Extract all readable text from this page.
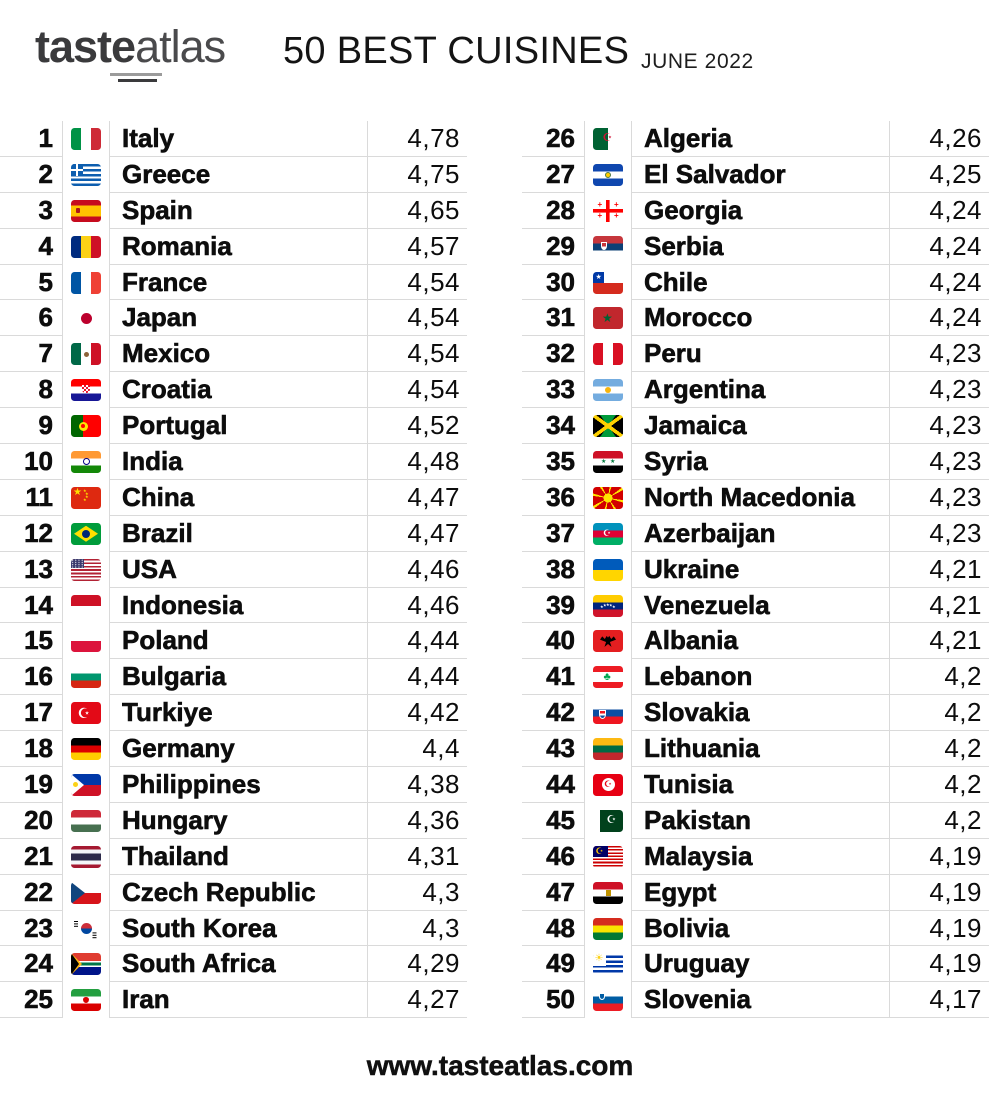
tasteatlas 50 BEST CUISINES JUNE 2022
1	Italy	4,78
2	Greece	4,75
3	Spain	4,65
4	Romania	4,57
5	France	4,54
6	Japan	4,54
7	Mexico	4,54
8	Croatia	4,54
9	Portugal	4,52
10	India	4,48
11 ★ ★	China	4,47
12	Brazil	4,47
13	USA	4,46
14	Indonesia	4,46
15	Poland	4,44
16	Bulgaria	4,44
17 ☪	Turkiye	4,42
18	Germany	4,4
19	Philippines	4,38
20	Hungary	4,36
21	Thailand	4,31
22	Czech Republic	4,3
23	South Korea	4,3
24	South Africa	4,29
25	Iran	4,27
26 ☪	Algeria	4,26
27	El Salvador	4,25
28 +	Georgia	4,24
29	Serbia	4,24
30 ★	Chile	4,24
31 ★	Morocco	4,24
32	Peru	4,23
33	Argentina	4,23
34	Jamaica	4,23
35 ★	Syria	4,23
36	North Macedonia	4,23
37 ☪	Azerbaijan	4,23
38	Ukraine	4,21
39 ★	Venezuela	4,21
40	Albania	4,21
41 ♣	Lebanon	4,2
42	Slovakia	4,2
43	Lithuania	4,2
44 ☪	Tunisia	4,2
45 ☪	Pakistan	4,2
46 ☪	Malaysia	4,19
47	Egypt	4,19
48	Bolivia	4,19
49 ☀	Uruguay	4,19
50	Slovenia	4,17
www.tasteatlas.com
